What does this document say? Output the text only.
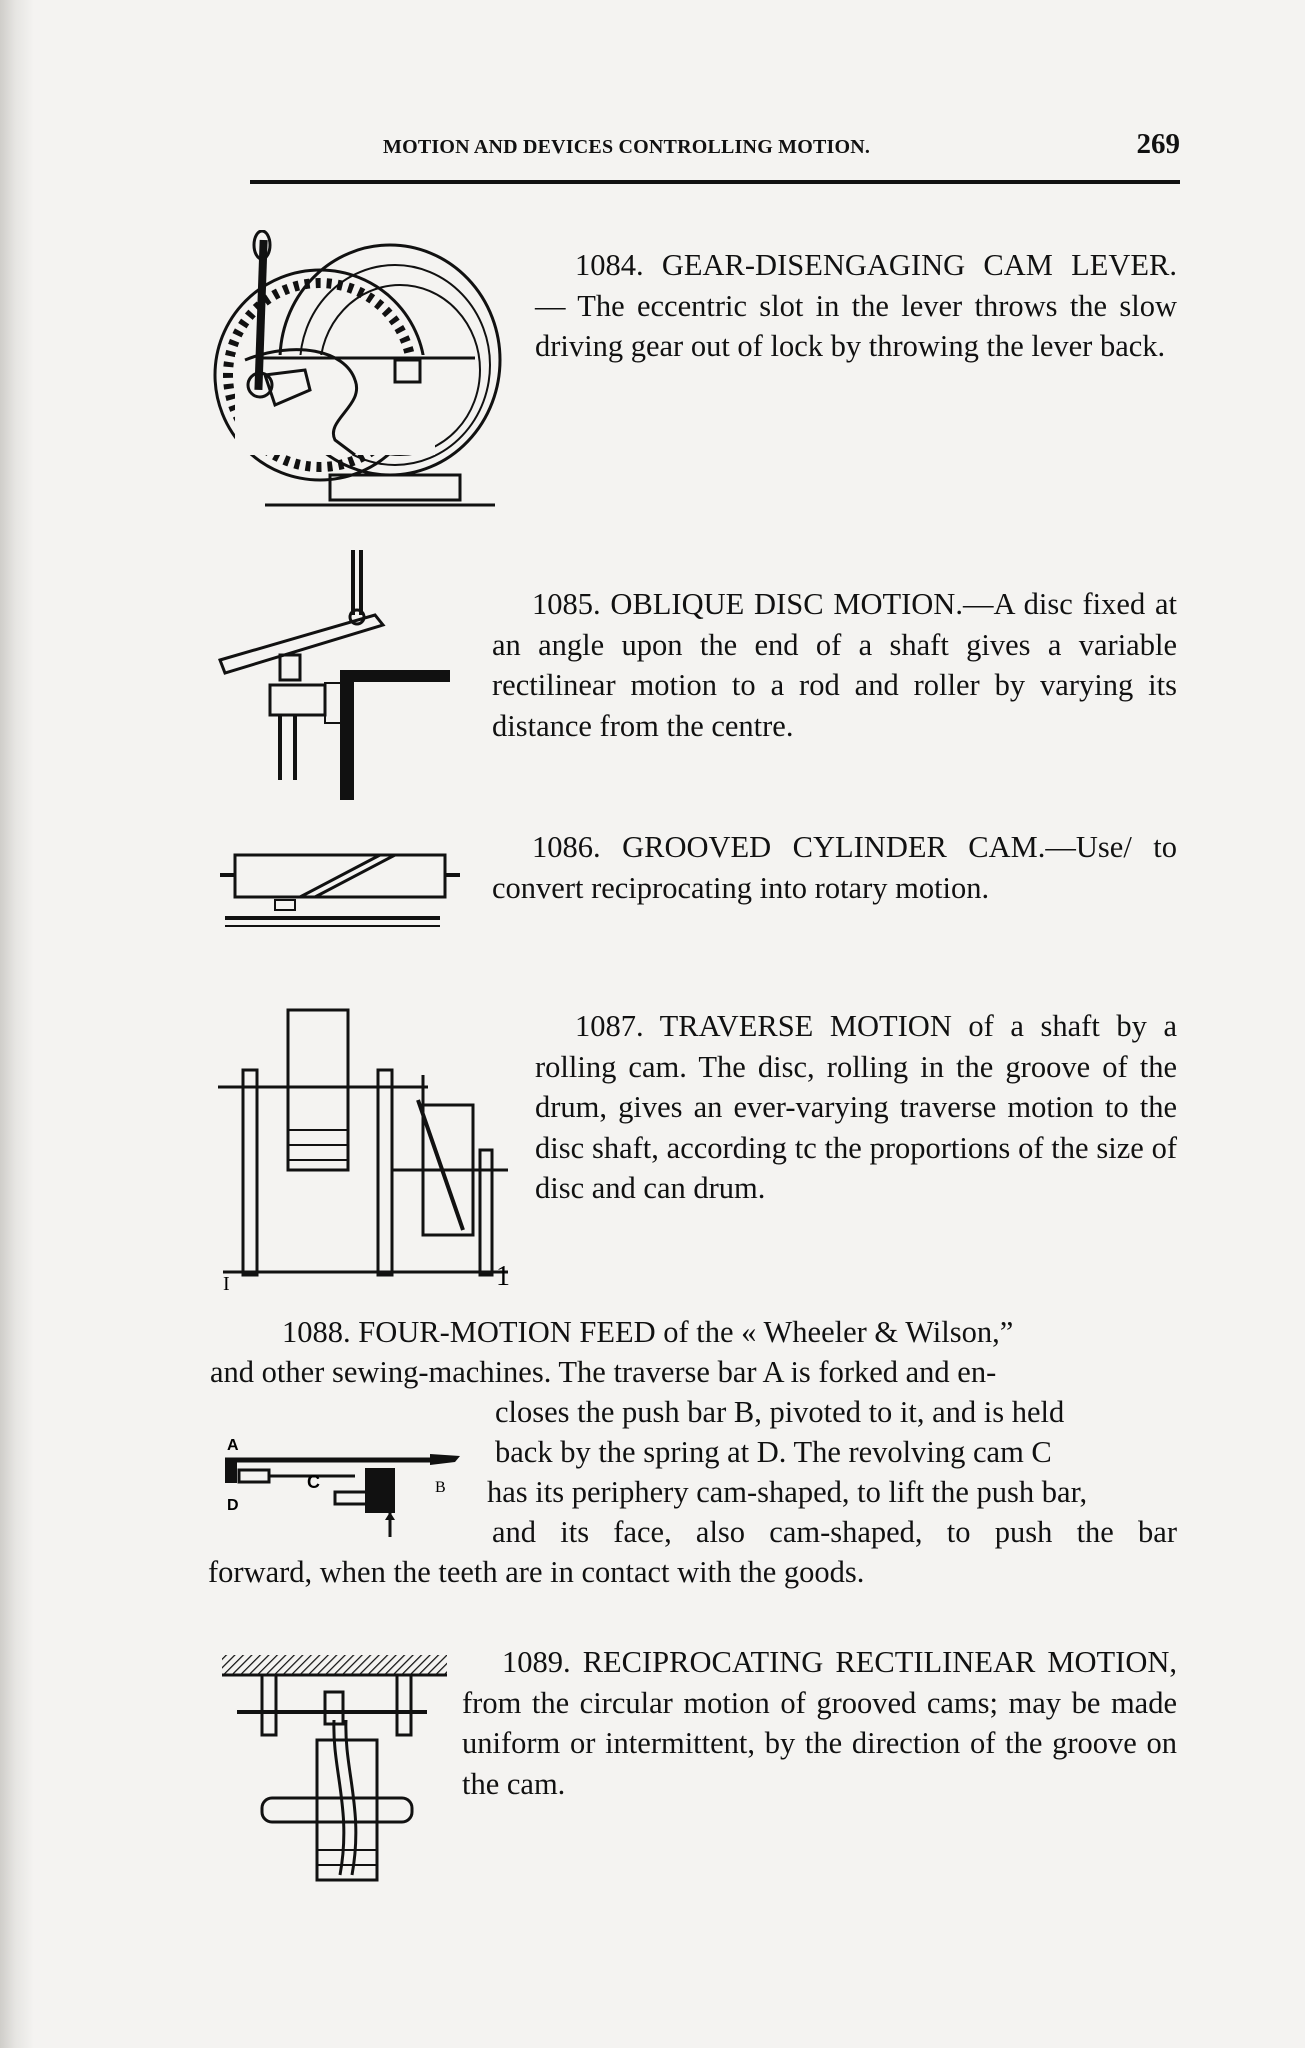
MOTION AND DEVICES CONTROLLING MOTION.	269

1084. GEAR-DISENGAGING CAM LEVER. — The eccentric slot in the lever throws the slow driving gear out of lock by throwing the lever back.

1085. OBLIQUE DISC MOTION.—A disc fixed at an angle upon the end of a shaft gives a variable rectilinear motion to a rod and roller by varying its distance from the centre.

1086. GROOVED CYLINDER CAM.—Use/ to convert reciprocating into rotary motion.

I	1

1087. TRAVERSE MOTION of a shaft by a rolling cam. The disc, rolling in the groove of the drum, gives an ever-varying traverse motion to the disc shaft, according tc the proportions of the size of disc and can drum.

1088. FOUR-MOTION FEED of the « Wheeler & Wilson,”
and other sewing-machines. The traverse bar A is forked and en-
closes the push bar B, pivoted to it, and is held
back by the spring at D. The revolving cam C
has its periphery cam-shaped, to lift the push bar,
and its face, also cam-shaped, to push the bar
forward, when the teeth are in contact with the goods.
A
D
C	B

1089. RECIPROCATING RECTILINEAR MOTION, from the circular motion of grooved cams; may be made uniform or intermittent, by the direction of the groove on the cam.
